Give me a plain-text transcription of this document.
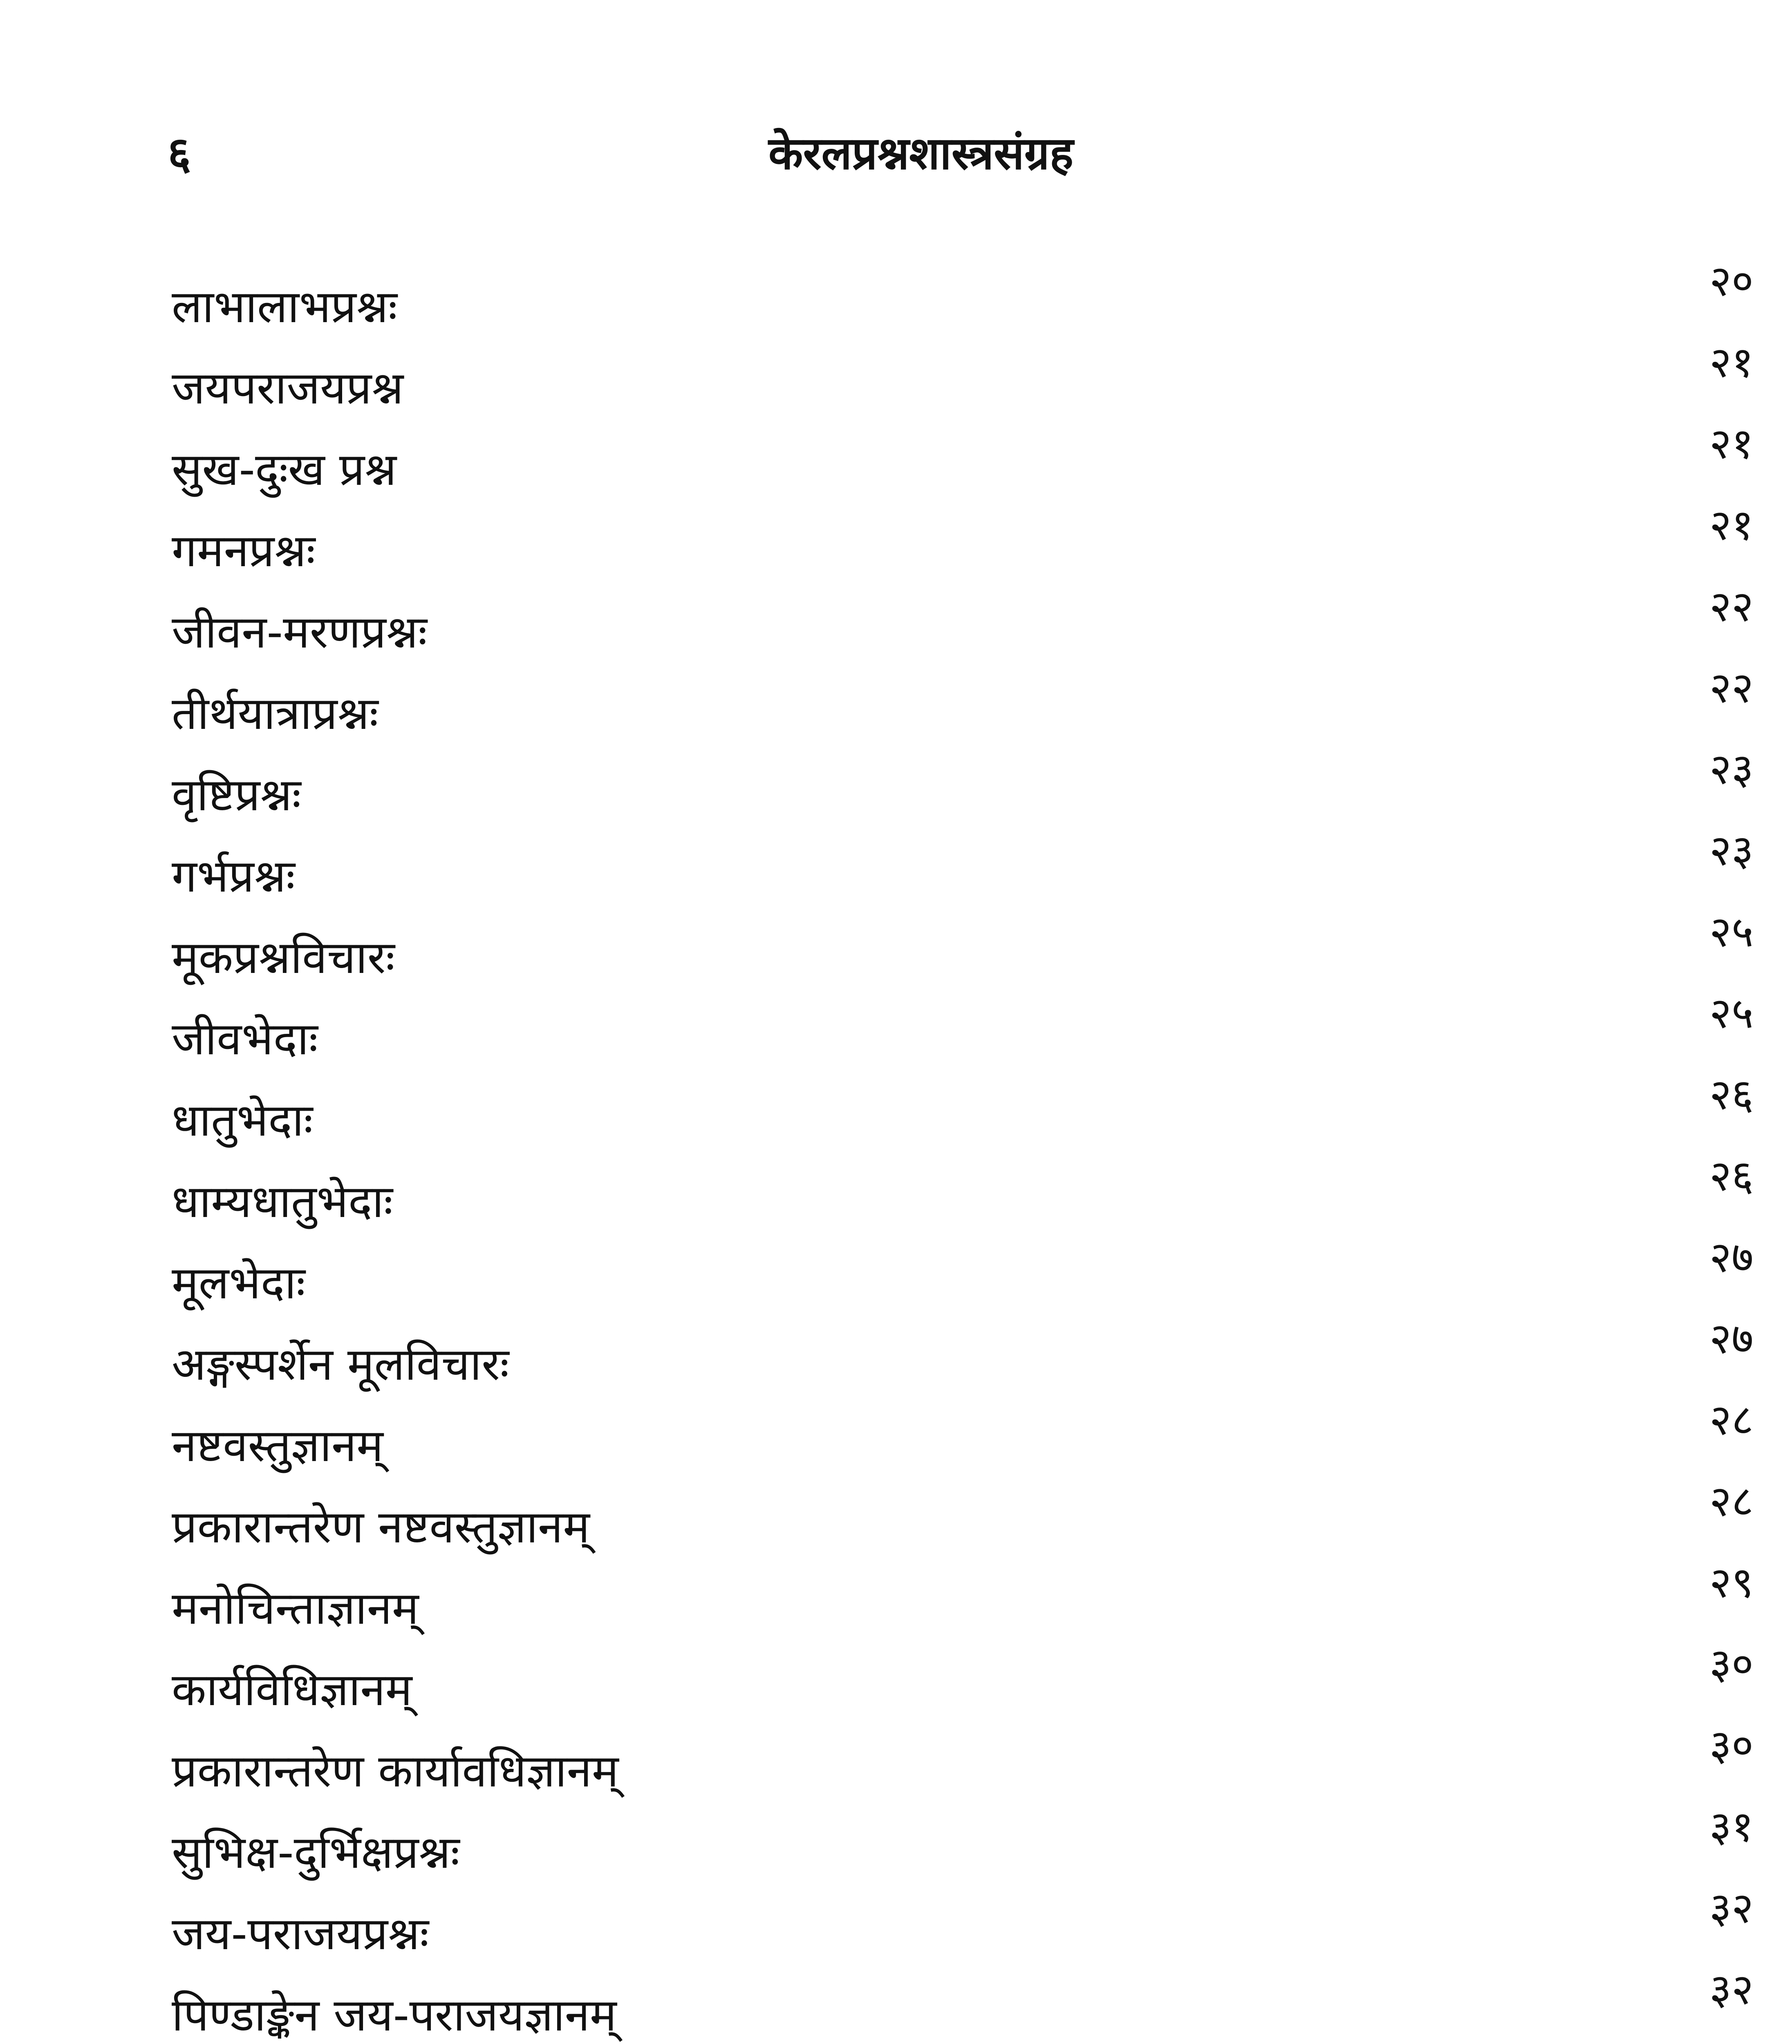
६	केरलप्रश्नशास्त्रसंग्रह
लाभालाभप्रश्नः	२०
जयपराजयप्रश्न	२१
सुख-दुःख प्रश्न	२१
गमनप्रश्नः	२१
जीवन-मरणप्रश्नः	२२
तीर्थयात्राप्रश्नः	२२
वृष्टिप्रश्नः	२३
गर्भप्रश्नः	२३
मूकप्रश्नविचारः	२५
जीवभेदाः	२५
धातुभेदाः	२६
धाम्यधातुभेदाः	२६
मूलभेदाः	२७
अङ्गस्पर्शेन मूलविचारः	२७
नष्टवस्तुज्ञानम्	२८
प्रकारान्तरेण नष्टवस्तुज्ञानम्	२८
मनोचिन्ताज्ञानम्	२९
कार्यविधिज्ञानम्	३०
प्रकारान्तरेण कार्यावधिज्ञानम्	३०
सुभिक्ष-दुर्भिक्षप्रश्नः	३१
जय-पराजयप्रश्नः	३२
पिण्डाङ्केन जय-पराजयज्ञानम्	३२
